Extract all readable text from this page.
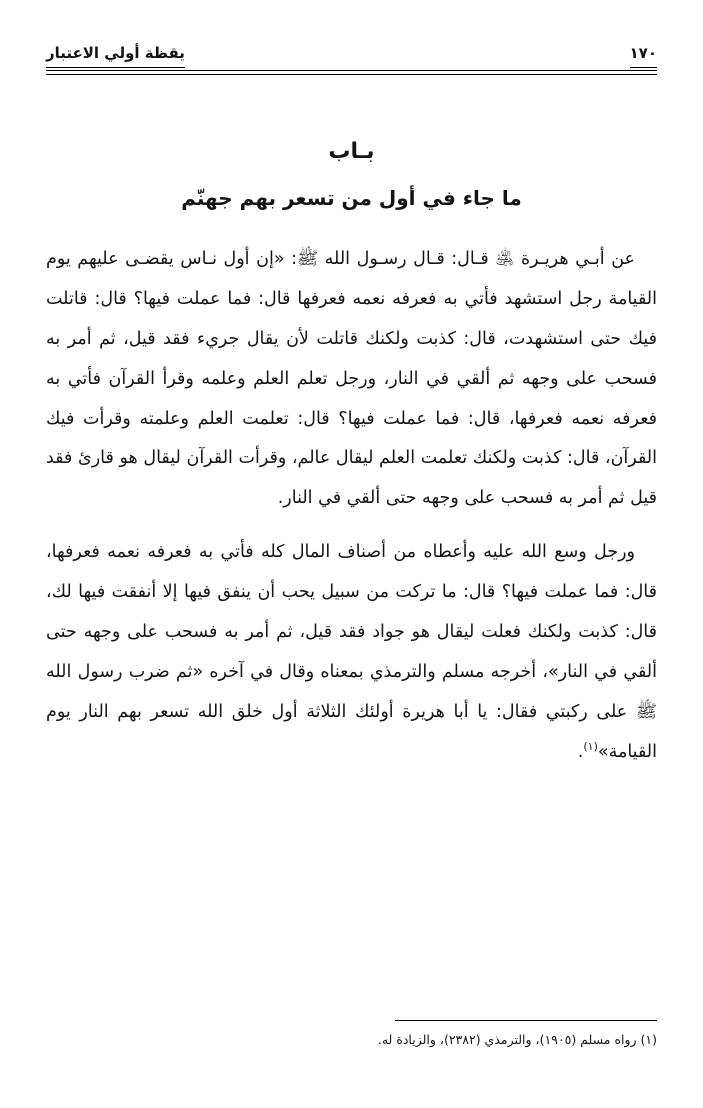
١٧٠
يقظة أولي الاعتبار
بـاب
ما جاء في أول من تسعر بهم جهنّم

عن أبـي هريـرة ﵁ قـال: قـال رسـول الله ﷺ: «إن أول نـاس يقضـى عليهم يوم القيامة رجل استشهد فأتي به فعرفه نعمه فعرفها قال: فما عملت فيها؟ قال: قاتلت فيك حتى استشهدت، قال: كذبت ولكنك قاتلت لأن يقال جريء فقد قيل، ثم أمر به فسحب على وجهه ثم ألقي في النار، ورجل تعلم العلم وعلمه وقرأ القرآن فأتي به فعرفه نعمه فعرفها، قال: فما عملت فيها؟ قال: تعلمت العلم وعلمته وقرأت فيك القرآن، قال: كذبت ولكنك تعلمت العلم ليقال عالم، وقرأت القرآن ليقال هو قارئ فقد قيل ثم أمر به فسحب على وجهه حتى ألقي في النار.

ورجل وسع الله عليه وأعطاه من أصناف المال كله فأتي به فعرفه نعمه فعرفها، قال: فما عملت فيها؟ قال: ما تركت من سبيل يحب أن ينفق فيها إلا أنفقت فيها لك، قال: كذبت ولكنك فعلت ليقال هو جواد فقد قيل، ثم أمر به فسحب على وجهه حتى ألقي في النار»، أخرجه مسلم والترمذي بمعناه وقال في آخره «ثم ضرب رسول الله ﷺ على ركبتي فقال: يا أبا هريرة أولئك الثلاثة أول خلق الله تسعر بهم النار يوم القيامة»$^{(١)}$.

(١) رواه مسلم (١٩٠٥)، والترمذي (٢٣٨٢)، والزيادة له.
